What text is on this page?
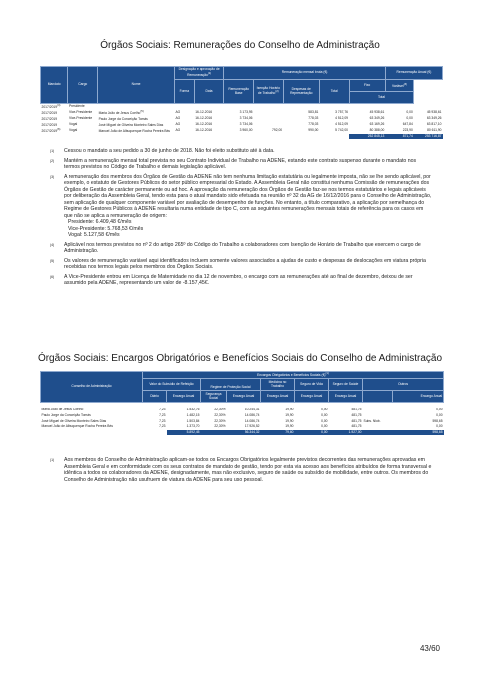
Órgãos Sociais: Remunerações do Conselho de Administração
Mandato	Cargo	Nome	Designação e aprovação de Remuneração$^{(1)}$		Remuneração mensal bruta (€)					Remuneração Anual (€)	
			Forma	Data	Remuneração Base	Isenção Horário de Trabalho$^{(2)}$	Despesas de Representação	Total	Fixo	Variável$^{(3)}$
									Total		
2017/2019$^{(4)}$	Presidente										
2017/2019	Vice-Presidente	Maria João de Jesus Coelho$^{(5)}$	AG	16-12-2016	3 173,95		583,81	3 757,76	45 938,61	0,00	45 938,61
2017/2019	Vice-Presidente	Paulo Jorge da Conceição Tomás	AG	16-12-2016	3 734,06		778,03	4 512,09	63 349,26	0,00	63 349,26
2017/2019	Vogal	José Miguel de Oliveira Monteiro Sales Dias	AG	16-12-2016	3 734,06		778,03	4 512,09	63 169,26	647,84	63 817,10
2017/2019$^{(6)}$	Vogal	Manuel João de Albuquerque Rocha Pereira Béu	AG	16-12-2016	3 960,00	792,00	990,00	5 742,00	80 388,00	223,90	80 611,90
									252 845,13	871,74	253 716,87
(1) Cessou o mandato a seu pedido a 30 de junho de 2018. Não foi eleito substituto até à data.

(2) Mantém a remuneração mensal total prevista no seu Contrato Individual de Trabalho na ADENE, estando este contrato suspenso durante o mandato nos termos previstos no Código de Trabalho e demais legislação aplicável.

(3) A remuneração dos membros dos Órgãos de Gestão da ADENE não tem nenhuma limitação estatutária ou legalmente imposta, não se lhe sendo aplicável, por exemplo, o estatuto de Gestores Públicos do setor público empresarial do Estado. A Assembleia Geral não constitui nenhuma Comissão de remunerações dos Órgãos de Gestão de carácter permanente ou ad hoc. A aprovação da remuneração dos Órgãos de Gestão faz-se nos termos estatutários e legais aplicáveis por deliberação da Assembleia Geral, tendo esta para o atual mandato sido efetuada na reunião nº 32 da AG de 16/12/2016 para o Conselho de Administração, sem aplicação de qualquer componente variável por avaliação de desempenho de funções. No entanto, a título comparativo, a aplicação por semelhança do Regime de Gestores Públicos à ADENE resultaria numa entidade de tipo C, com as seguintes remunerações mensais totais de referência para os casos em que não se aplica a remuneração de origem:

Presidente: 6.409,48 €/mês

Vice-Presidente: 5.768,53 €/mês

Vogal: 5.127,58 €/mês

(4) Aplicável nos termos previstos no nº 2 do artigo 265º do Código do Trabalho a colaboradores com Isenção de Horário de Trabalho que exercem o cargo de Administração.

(5) Os valores de remuneração variável aqui identificados incluem somente valores associados a ajudas de custo e despesas de deslocações em viatura própria recebidas nos termos legais pelos membros dos Órgãos Sociais.

(6) A Vice-Presidente entrou em Licença de Maternidade no dia 12 de novembro, o encargo com as remunerações até ao final de dezembro, deixou de ser assumido pela ADENE, representando um valor de -8.157,45€.

Órgãos Sociais: Encargos Obrigatórios e Benefícios Sociais do Conselho de Administração
Conselho de Administração	Encargos Obrigatórios e Benefícios Sociais (€)$^{(1)}$
	Valor do Subsídio de Refeição		Regime de Proteção Social		Medicina no Trabalho	Seguro de Vida	Seguro de Saúde	Outros	
	Diário	Encargo Anual	Segurança Social	Encargo Anual	Encargo Anual	Encargo Anual	Encargo Anual		Encargo Anual

Maria João de Jesus Coelho	7,23	1.532,76	22,30%	10.244,31	19,90	0,00	481,75		0,00
Paulo Jorge da Conceição Tomás	7,23	1.482,15	22,30%	14.086,74	19,90	0,00	481,75		0,00
José Miguel de Oliveira Monteiro Sales Dias	7,23	1.503,84	22,30%	14.086,74	19,90	0,00	481,75	Subs. Nlob.	598,65
Manuel João de Albuquerque Rocha Pereira Béu	7,23	1.373,70	22,30%	17.926,52	19,90	0,00	481,75		0,00
		5.892,45		56.344,32	79,60	0,00	1.927,00		598,65
(1) Aos membros do Conselho de Administração aplicam-se todos os Encargos Obrigatórios legalmente previstos decorrentes das remunerações aprovadas em Assembleia Geral e em conformidade com os seus contratos de mandato de gestão, tendo por esta via acesso aos benefícios atribuídos de forma transversal e idêntica a todos os colaboradores da ADENE, designadamente, mas não exclusivo, seguro de saúde ou subsídio de mobilidade, entre outros. Os membros do Conselho de Administração não usufruem de viatura da ADENE para seu uso pessoal.

43/60
